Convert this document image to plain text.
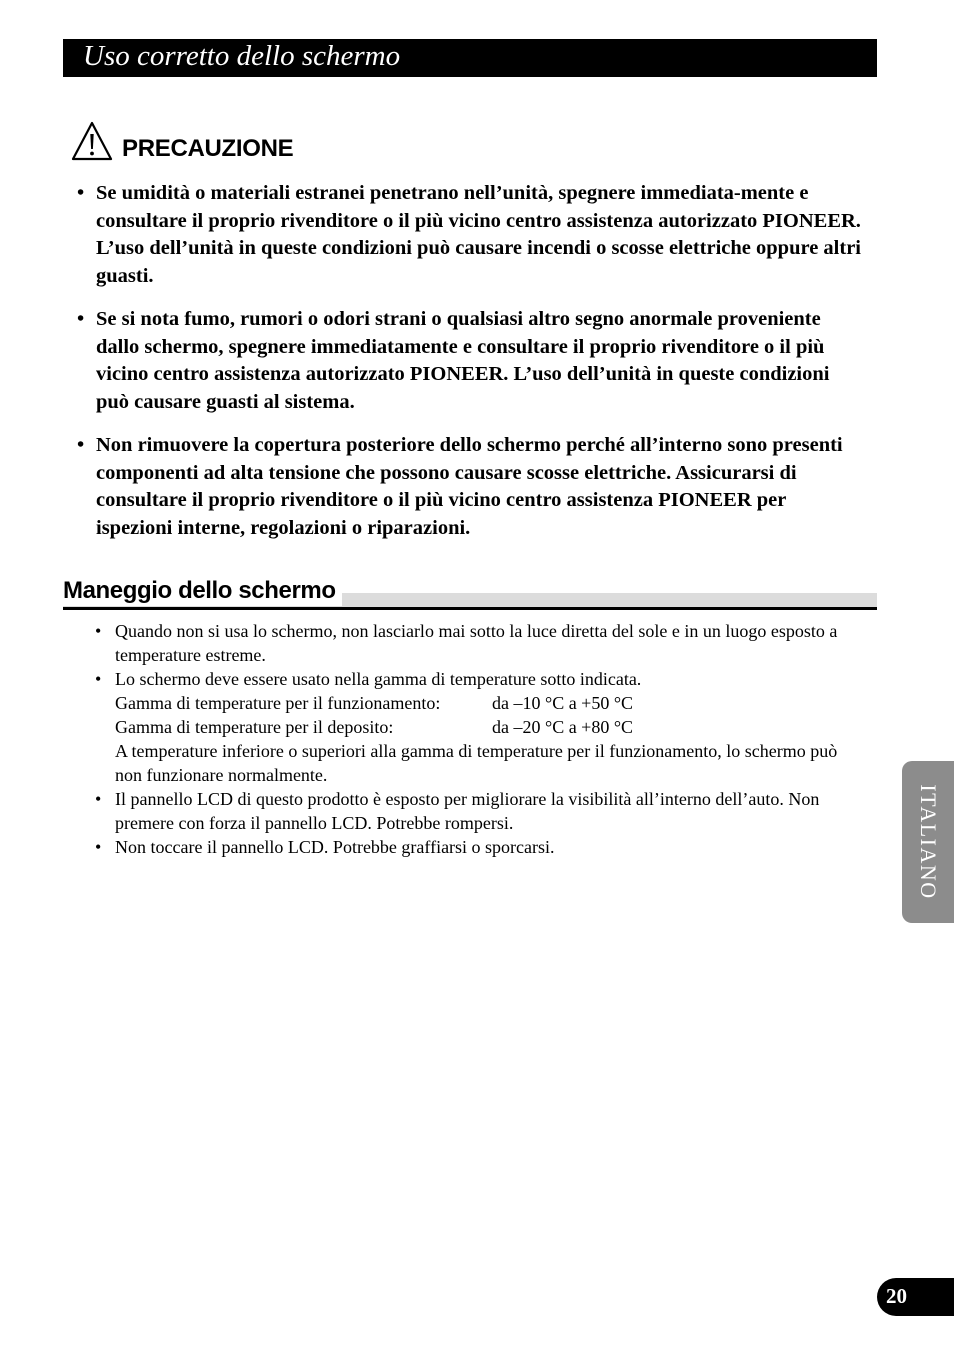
Uso corretto dello schermo
PRECAUZIONE
• Se umidità o materiali estranei penetrano nell’unità, spegnere immediata-mente e consultare il proprio rivenditore o il più vicino centro assistenza autorizzato PIONEER. L’uso dell’unità in queste condizioni può causare incendi o scosse elettriche oppure altri guasti.
• Se si nota fumo, rumori o odori strani o qualsiasi altro segno anormale proveniente dallo schermo, spegnere immediatamente e consultare il proprio rivenditore o il più vicino centro assistenza autorizzato PIONEER. L’uso dell’unità in queste condizioni può causare guasti al sistema.
• Non rimuovere la copertura posteriore dello schermo perché all’interno sono presenti componenti ad alta tensione che possono causare scosse elettriche. Assicurarsi di consultare il proprio rivenditore o il più vicino centro assistenza PIONEER per ispezioni interne, regolazioni o riparazioni.
Maneggio dello schermo
• Quando non si usa lo schermo, non lasciarlo mai sotto la luce diretta del sole e in un luogo esposto a temperature estreme.
• Lo schermo deve essere usato nella gamma di temperature sotto indicata.
Gamma di temperature per il funzionamento:	da –10 °C a +50 °C
Gamma di temperature per il deposito:	da –20 °C a +80 °C
A temperature inferiore o superiori alla gamma di temperature per il funzionamento, lo schermo può non funzionare normalmente.
• Il pannello LCD di questo prodotto è esposto per migliorare la visibilità all’interno dell’auto. Non premere con forza il pannello LCD. Potrebbe rompersi.
• Non toccare il pannello LCD. Potrebbe graffiarsi o sporcarsi.	ITALIANO
20
